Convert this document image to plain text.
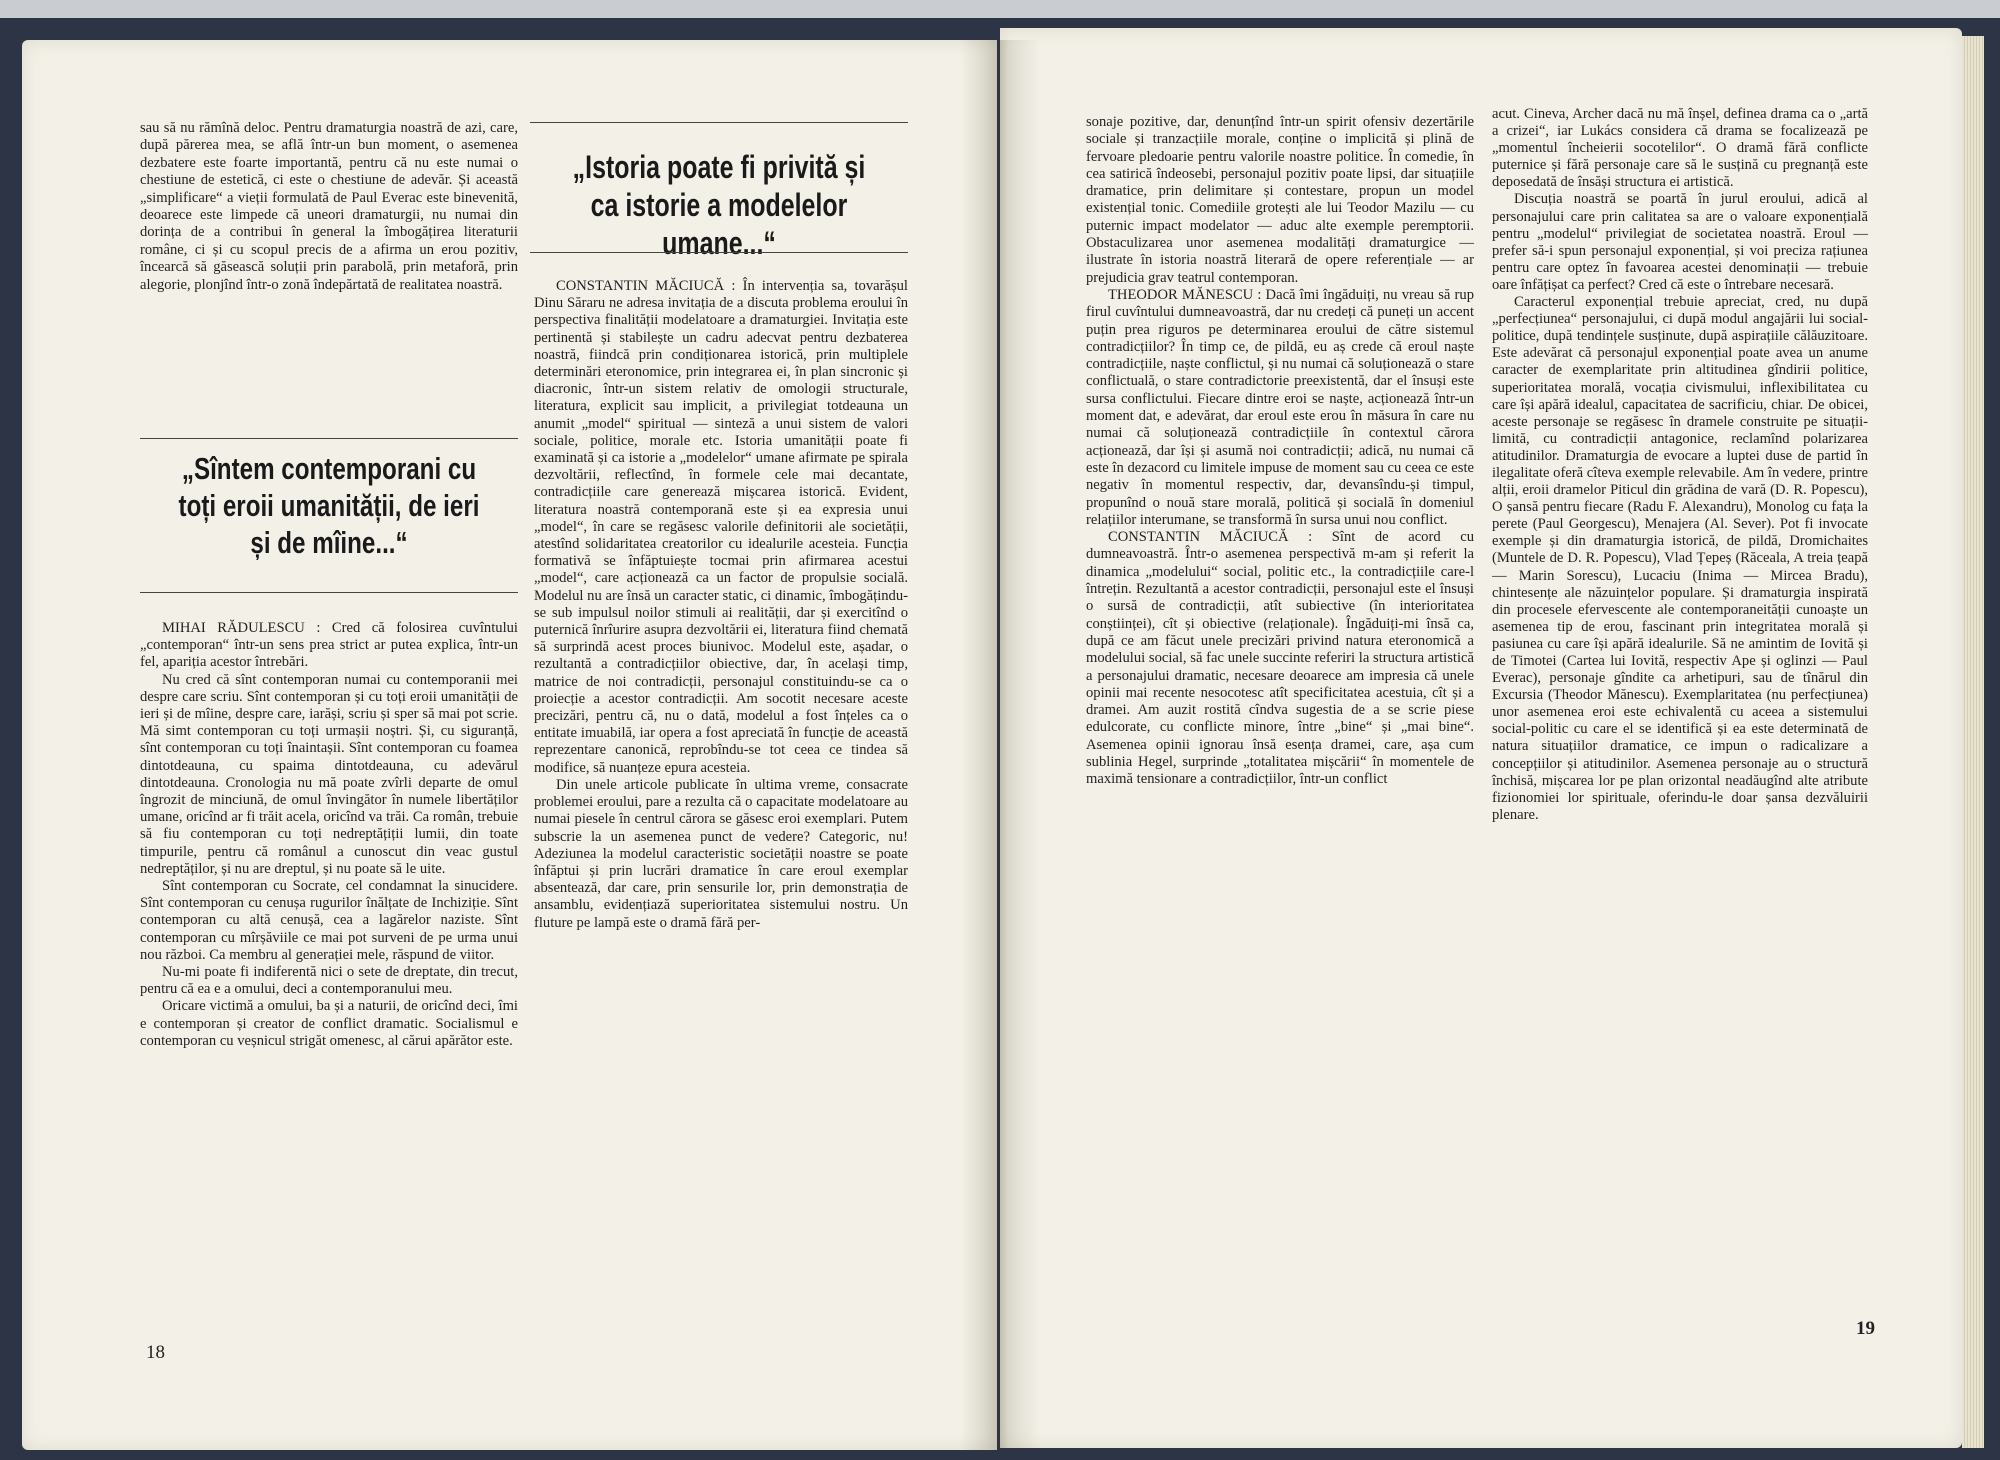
sau să nu rămînă deloc. Pentru dramaturgia noastră de azi, care, după părerea mea, se află într-un bun moment, o asemenea dezbatere este foarte importantă, pentru că nu este numai o chestiune de estetică, ci este o chestiune de adevăr. Și această „simplificare“ a vieții formulată de Paul Everac este binevenită, deoarece este limpede că uneori dramaturgii, nu numai din dorința de a contribui în general la îmbogățirea literaturii române, ci și cu scopul precis de a afirma un erou pozitiv, încearcă să găsească soluții prin parabolă, prin metaforă, prin alegorie, plonjînd într-o zonă îndepărtată de realitatea noastră.

„Sîntem contemporani cu toți eroii umanității, de ieri și de mîine...“

MIHAI RĂDULESCU : Cred că folosirea cuvîntului „contemporan“ într-un sens prea strict ar putea explica, într-un fel, apariția acestor întrebări.

Nu cred că sînt contemporan numai cu contemporanii mei despre care scriu. Sînt contemporan și cu toți eroii umanității de ieri și de mîine, despre care, iarăși, scriu și sper să mai pot scrie. Mă simt contemporan cu toți urmașii noștri. Și, cu siguranță, sînt contemporan cu toți înaintașii. Sînt contemporan cu foamea dintotdeauna, cu spaima dintotdeauna, cu adevărul dintotdeauna. Cronologia nu mă poate zvîrli departe de omul îngrozit de minciună, de omul învingător în numele libertăților umane, oricînd ar fi trăit acela, oricînd va trăi. Ca român, trebuie să fiu contemporan cu toți nedreptățiții lumii, din toate timpurile, pentru că românul a cunoscut din veac gustul nedreptăților, și nu are dreptul, și nu poate să le uite.

Sînt contemporan cu Socrate, cel condamnat la sinucidere. Sînt contemporan cu cenușa rugurilor înălțate de Inchiziție. Sînt contemporan cu altă cenușă, cea a lagărelor naziste. Sînt contemporan cu mîrșăviile ce mai pot surveni de pe urma unui nou război. Ca membru al generației mele, răspund de viitor.

Nu-mi poate fi indiferentă nici o sete de dreptate, din trecut, pentru că ea e a omului, deci a contemporanului meu.

Oricare victimă a omului, ba și a naturii, de oricînd deci, îmi e contemporan și creator de conflict dramatic. Socialismul e contemporan cu veșnicul strigăt omenesc, al cărui apărător este.

„Istoria poate fi privită și ca istorie a modelelor umane...“

CONSTANTIN MĂCIUCĂ : În intervenția sa, tovarășul Dinu Săraru ne adresa invitația de a discuta problema eroului în perspectiva finalității modelatoare a dramaturgiei. Invitația este pertinentă și stabilește un cadru adecvat pentru dezbaterea noastră, fiindcă prin condiționarea istorică, prin multiplele determinări eteronomice, prin integrarea ei, în plan sincronic și diacronic, într-un sistem relativ de omologii structurale, literatura, explicit sau implicit, a privilegiat totdeauna un anumit „model“ spiritual — sinteză a unui sistem de valori sociale, politice, morale etc. Istoria umanității poate fi examinată și ca istorie a „modelelor“ umane afirmate pe spirala dezvoltării, reflectînd, în formele cele mai decantate, contradicțiile care generează mișcarea istorică. Evident, literatura noastră contemporană este și ea expresia unui „model“, în care se regăsesc valorile definitorii ale societății, atestînd solidaritatea creatorilor cu idealurile acesteia. Funcția formativă se înfăptuiește tocmai prin afirmarea acestui „model“, care acționează ca un factor de propulsie socială. Modelul nu are însă un caracter static, ci dinamic, îmbogățindu-se sub impulsul noilor stimuli ai realității, dar și exercitînd o puternică înrîurire asupra dezvoltării ei, literatura fiind chemată să surprindă acest proces biunivoc. Modelul este, așadar, o rezultantă a contradicțiilor obiective, dar, în același timp, matrice de noi contradicții, personajul constituindu-se ca o proiecție a acestor contradicții. Am socotit necesare aceste precizări, pentru că, nu o dată, modelul a fost înțeles ca o entitate imuabilă, iar opera a fost apreciată în funcție de această reprezentare canonică, reprobîndu-se tot ceea ce tindea să modifice, să nuanțeze epura acesteia.

Din unele articole publicate în ultima vreme, consacrate problemei eroului, pare a rezulta că o capacitate modelatoare au numai piesele în centrul cărora se găsesc eroi exemplari. Putem subscrie la un asemenea punct de vedere? Categoric, nu! Adeziunea la modelul caracteristic societății noastre se poate înfăptui și prin lucrări dramatice în care eroul exemplar absentează, dar care, prin sensurile lor, prin demonstrația de ansamblu, evidențiază superioritatea sistemului nostru. Un fluture pe lampă este o dramă fără per-

18

sonaje pozitive, dar, denunțînd într-un spirit ofensiv dezertările sociale și tranzacțiile morale, conține o implicită și plină de fervoare pledoarie pentru valorile noastre politice. În comedie, în cea satirică îndeosebi, personajul pozitiv poate lipsi, dar situațiile dramatice, prin delimitare și contestare, propun un model existențial tonic. Comediile grotești ale lui Teodor Mazilu — cu puternic impact modelator — aduc alte exemple peremptorii. Obstaculizarea unor asemenea modalități dramaturgice — ilustrate în istoria noastră literară de opere referențiale — ar prejudicia grav teatrul contemporan.

THEODOR MĂNESCU : Dacă îmi îngăduiți, nu vreau să rup firul cuvîntului dumneavoastră, dar nu credeți că puneți un accent puțin prea riguros pe determinarea eroului de către sistemul contradicțiilor? În timp ce, de pildă, eu aș crede că eroul naște contradicțiile, naște conflictul, și nu numai că soluționează o stare conflictuală, o stare contradictorie preexistentă, dar el însuși este sursa conflictului. Fiecare dintre eroi se naște, acționează într-un moment dat, e adevărat, dar eroul este erou în măsura în care nu numai că soluționează contradicțiile în contextul cărora acționează, dar își și asumă noi contradicții; adică, nu numai că este în dezacord cu limitele impuse de moment sau cu ceea ce este negativ în momentul respectiv, dar, devansîndu-și timpul, propunînd o nouă stare morală, politică și socială în domeniul relațiilor interumane, se transformă în sursa unui nou conflict.

CONSTANTIN MĂCIUCĂ : Sînt de acord cu dumneavoastră. Într-o asemenea perspectivă m-am și referit la dinamica „modelului“ social, politic etc., la contradicțiile care-l întrețin. Rezultantă a acestor contradicții, personajul este el însuși o sursă de contradicții, atît subiective (în interioritatea conștiinței), cît și obiective (relaționale). Îngăduiți-mi însă ca, după ce am făcut unele precizări privind natura eteronomică a modelului social, să fac unele succinte referiri la structura artistică a personajului dramatic, necesare deoarece am impresia că unele opinii mai recente nesocotesc atît specificitatea acestuia, cît și a dramei. Am auzit rostită cîndva sugestia de a se scrie piese edulcorate, cu conflicte minore, între „bine“ și „mai bine“. Asemenea opinii ignorau însă esența dramei, care, așa cum sublinia Hegel, surprinde „totalitatea mișcării“ în momentele de maximă tensionare a contradicțiilor, într-un conflict

acut. Cineva, Archer dacă nu mă înșel, definea drama ca o „artă a crizei“, iar Lukács considera că drama se focalizează pe „momentul încheierii socotelilor“. O dramă fără conflicte puternice și fără personaje care să le susțină cu pregnanță este deposedată de însăși structura ei artistică.

Discuția noastră se poartă în jurul eroului, adică al personajului care prin calitatea sa are o valoare exponențială pentru „modelul“ privilegiat de societatea noastră. Eroul — prefer să-i spun personajul exponențial, și voi preciza rațiunea pentru care optez în favoarea acestei denominații — trebuie oare înfățișat ca perfect? Cred că este o întrebare necesară.

Caracterul exponențial trebuie apreciat, cred, nu după „perfecțiunea“ personajului, ci după modul angajării lui social-politice, după tendințele susținute, după aspirațiile călăuzitoare. Este adevărat că personajul exponențial poate avea un anume caracter de exemplaritate prin altitudinea gîndirii politice, superioritatea morală, vocația civismului, inflexibilitatea cu care își apără idealul, capacitatea de sacrificiu, chiar. De obicei, aceste personaje se regăsesc în dramele construite pe situații-limită, cu contradicții antagonice, reclamînd polarizarea atitudinilor. Dramaturgia de evocare a luptei duse de partid în ilegalitate oferă cîteva exemple relevabile. Am în vedere, printre alții, eroii dramelor Piticul din grădina de vară (D. R. Popescu), O șansă pentru fiecare (Radu F. Alexandru), Monolog cu fața la perete (Paul Georgescu), Menajera (Al. Sever). Pot fi invocate exemple și din dramaturgia istorică, de pildă, Dromichaites (Muntele de D. R. Popescu), Vlad Țepeș (Răceala, A treia țeapă — Marin Sorescu), Lucaciu (Inima — Mircea Bradu), chintesențe ale năzuințelor populare. Și dramaturgia inspirată din procesele efervescente ale contemporaneității cunoaște un asemenea tip de erou, fascinant prin integritatea morală și pasiunea cu care își apără idealurile. Să ne amintim de Iovită și de Timotei (Cartea lui Iovită, respectiv Ape și oglinzi — Paul Everac), personaje gîndite ca arhetipuri, sau de tînărul din Excursia (Theodor Mănescu). Exemplaritatea (nu perfecțiunea) unor asemenea eroi este echivalentă cu aceea a sistemului social-politic cu care el se identifică și ea este determinată de natura situațiilor dramatice, ce impun o radicalizare a concepțiilor și atitudinilor. Asemenea personaje au o structură închisă, mișcarea lor pe plan orizontal neadăugînd alte atribute fizionomiei lor spirituale, oferindu-le doar șansa dezvăluirii plenare.

19
